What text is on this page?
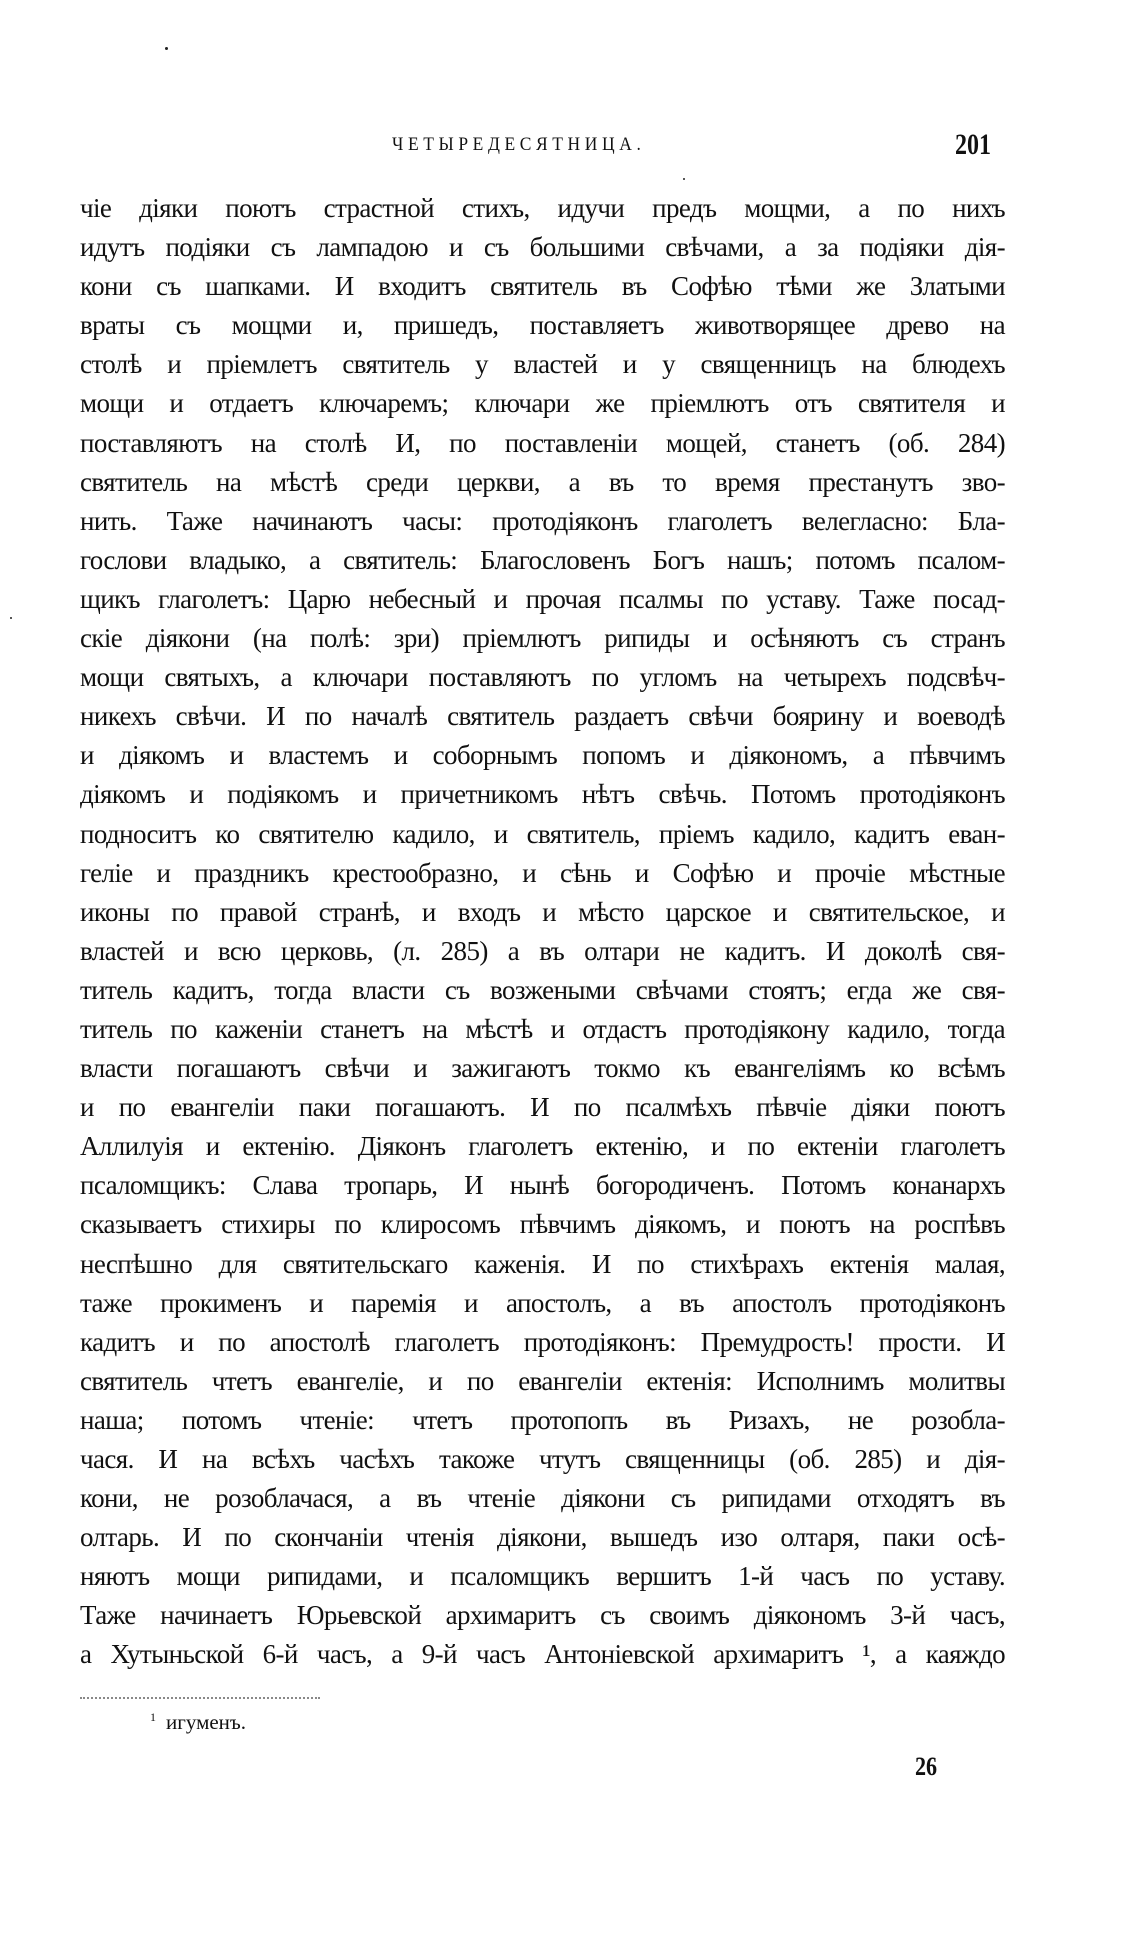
ЧЕТЫРЕДЕСЯТНИЦА.	201
чіе діяки поютъ страстной стихъ, идучи предъ мощми, а по нихъ
идутъ подіяки съ лампадою и съ большими свѣчами, а за подіяки дія-
кони съ шапками. И входитъ святитель въ Софѣю тѣми же Златыми
враты съ мощми и, пришедъ, поставляетъ животворящее древо на
столѣ и пріемлетъ святитель у властей и у священницъ на блюдехъ
мощи и отдаетъ ключаремъ; ключари же пріемлютъ отъ святителя и
поставляютъ на столѣ И, по поставленіи мощей, станетъ (об. 284)
святитель на мѣстѣ среди церкви, а въ то время престанутъ зво-
нить. Таже начинаютъ часы: протодіяконъ глаголетъ велегласно: Бла-
гослови владыко, а святитель: Благословенъ Богъ нашъ; потомъ псалом-
щикъ глаголетъ: Царю небесный и прочая псалмы по уставу. Таже посад-
скіе діякони (на полѣ: зри) пріемлютъ рипиды и осѣняютъ съ странъ
мощи святыхъ, а ключари поставляютъ по угломъ на четырехъ подсвѣч-
никехъ свѣчи. И по началѣ святитель раздаетъ свѣчи боярину и воеводѣ
и діякомъ и властемъ и соборнымъ попомъ и діякономъ, а пѣвчимъ
діякомъ и подіякомъ и причетникомъ нѣтъ свѣчь. Потомъ протодіяконъ
подноситъ ко святителю кадило, и святитель, пріемъ кадило, кадитъ еван-
геліе и праздникъ крестообразно, и сѣнь и Софѣю и прочіе мѣстные
иконы по правой странѣ, и входъ и мѣсто царское и святительское, и
властей и всю церковь, (л. 285) а въ олтари не кадитъ. И доколѣ свя-
титель кадитъ, тогда власти съ возжеными свѣчами стоятъ; егда же свя-
титель по каженіи станетъ на мѣстѣ и отдастъ протодіякону кадило, тогда
власти погашаютъ свѣчи и зажигаютъ токмо къ евангеліямъ ко всѣмъ
и по евангеліи паки погашаютъ. И по псалмѣхъ пѣвчіе діяки поютъ
Аллилуія и ектенію. Діяконъ глаголетъ ектенію, и по ектеніи глаголетъ
псаломщикъ: Слава тропарь, И нынѣ богородиченъ. Потомъ конанархъ
сказываетъ стихиры по клиросомъ пѣвчимъ діякомъ, и поютъ на роспѣвъ
неспѣшно для святительскаго каженія. И по стихѣрахъ ектенія малая,
таже прокименъ и паремія и апостолъ, а въ апостолъ протодіяконъ
кадитъ и по апостолѣ глаголетъ протодіяконъ: Премудрость! прости. И
святитель чтетъ евангеліе, и по евангеліи ектенія: Исполнимъ молитвы
наша; потомъ чтеніе: чтетъ протопопъ въ Ризахъ, не розобла-
чася. И на всѣхъ часѣхъ такоже чтутъ священницы (об. 285) и дія-
кони, не розоблачася, а въ чтеніе діякони съ рипидами отходятъ въ
олтарь. И по скончаніи чтенія діякони, вышедъ изо олтаря, паки осѣ-
няютъ мощи рипидами, и псаломщикъ вершитъ 1-й часъ по уставу.
Таже начинаетъ Юрьевской архимаритъ съ своимъ діякономъ 3-й часъ,
а Хутыньской 6-й часъ, а 9-й часъ Антоніевской архимаритъ ¹, а каяждо
$^1$ игуменъ.
26
